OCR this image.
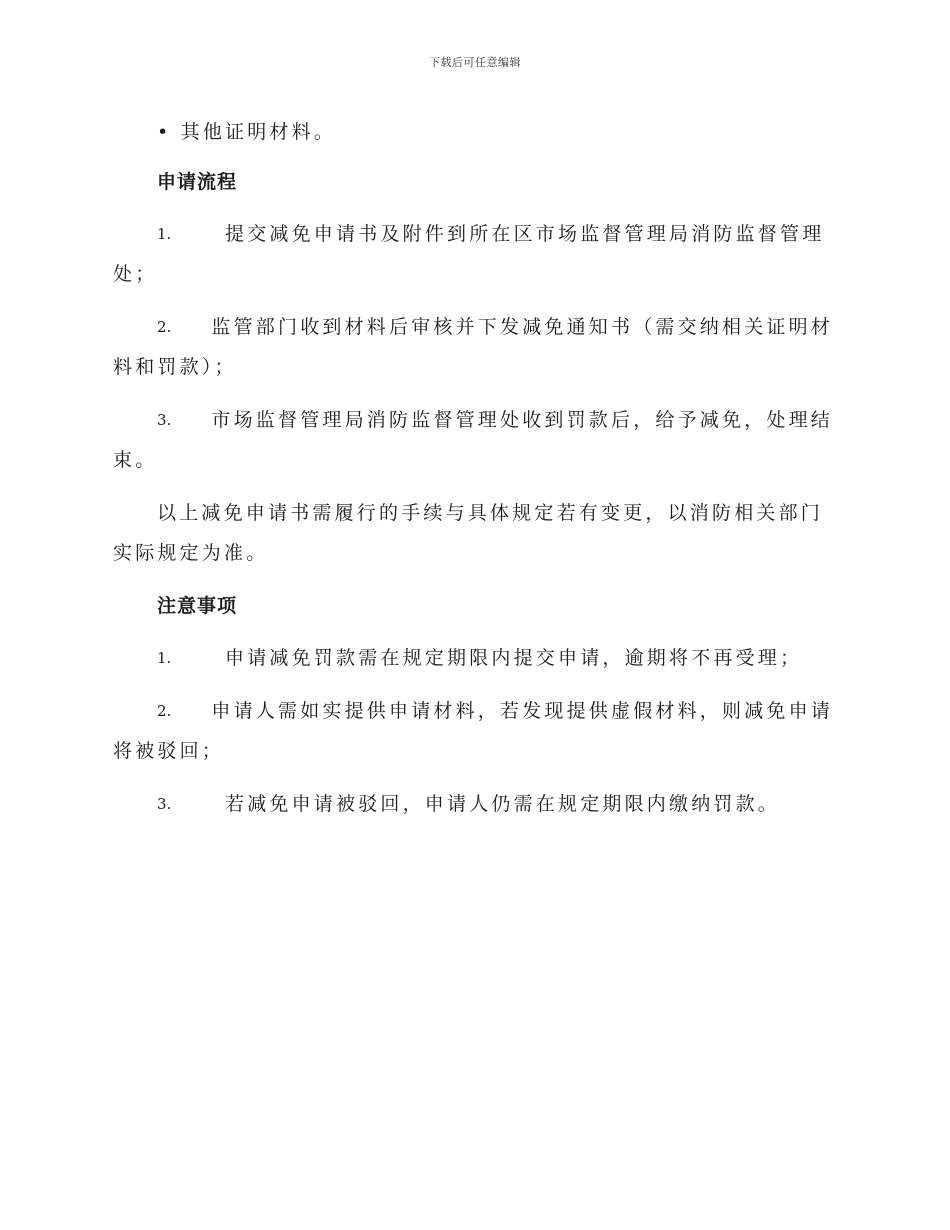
下载后可任意编辑

• 其他证明材料。

申请流程

1.	提交减免申请书及附件到所在区市场监督管理局消防监督管理
处；
2.	监管部门收到材料后审核并下发减免通知书（需交纳相关证明材
料和罚款）；
3.	市场监督管理局消防监督管理处收到罚款后，给予减免，处理结
束。

以上减免申请书需履行的手续与具体规定若有变更，以消防相关部门实际规定为准。

注意事项

1.	申请减免罚款需在规定期限内提交申请，逾期将不再受理；
2.	申请人需如实提供申请材料，若发现提供虚假材料，则减免申请
将被驳回；
3.	若减免申请被驳回，申请人仍需在规定期限内缴纳罚款。
